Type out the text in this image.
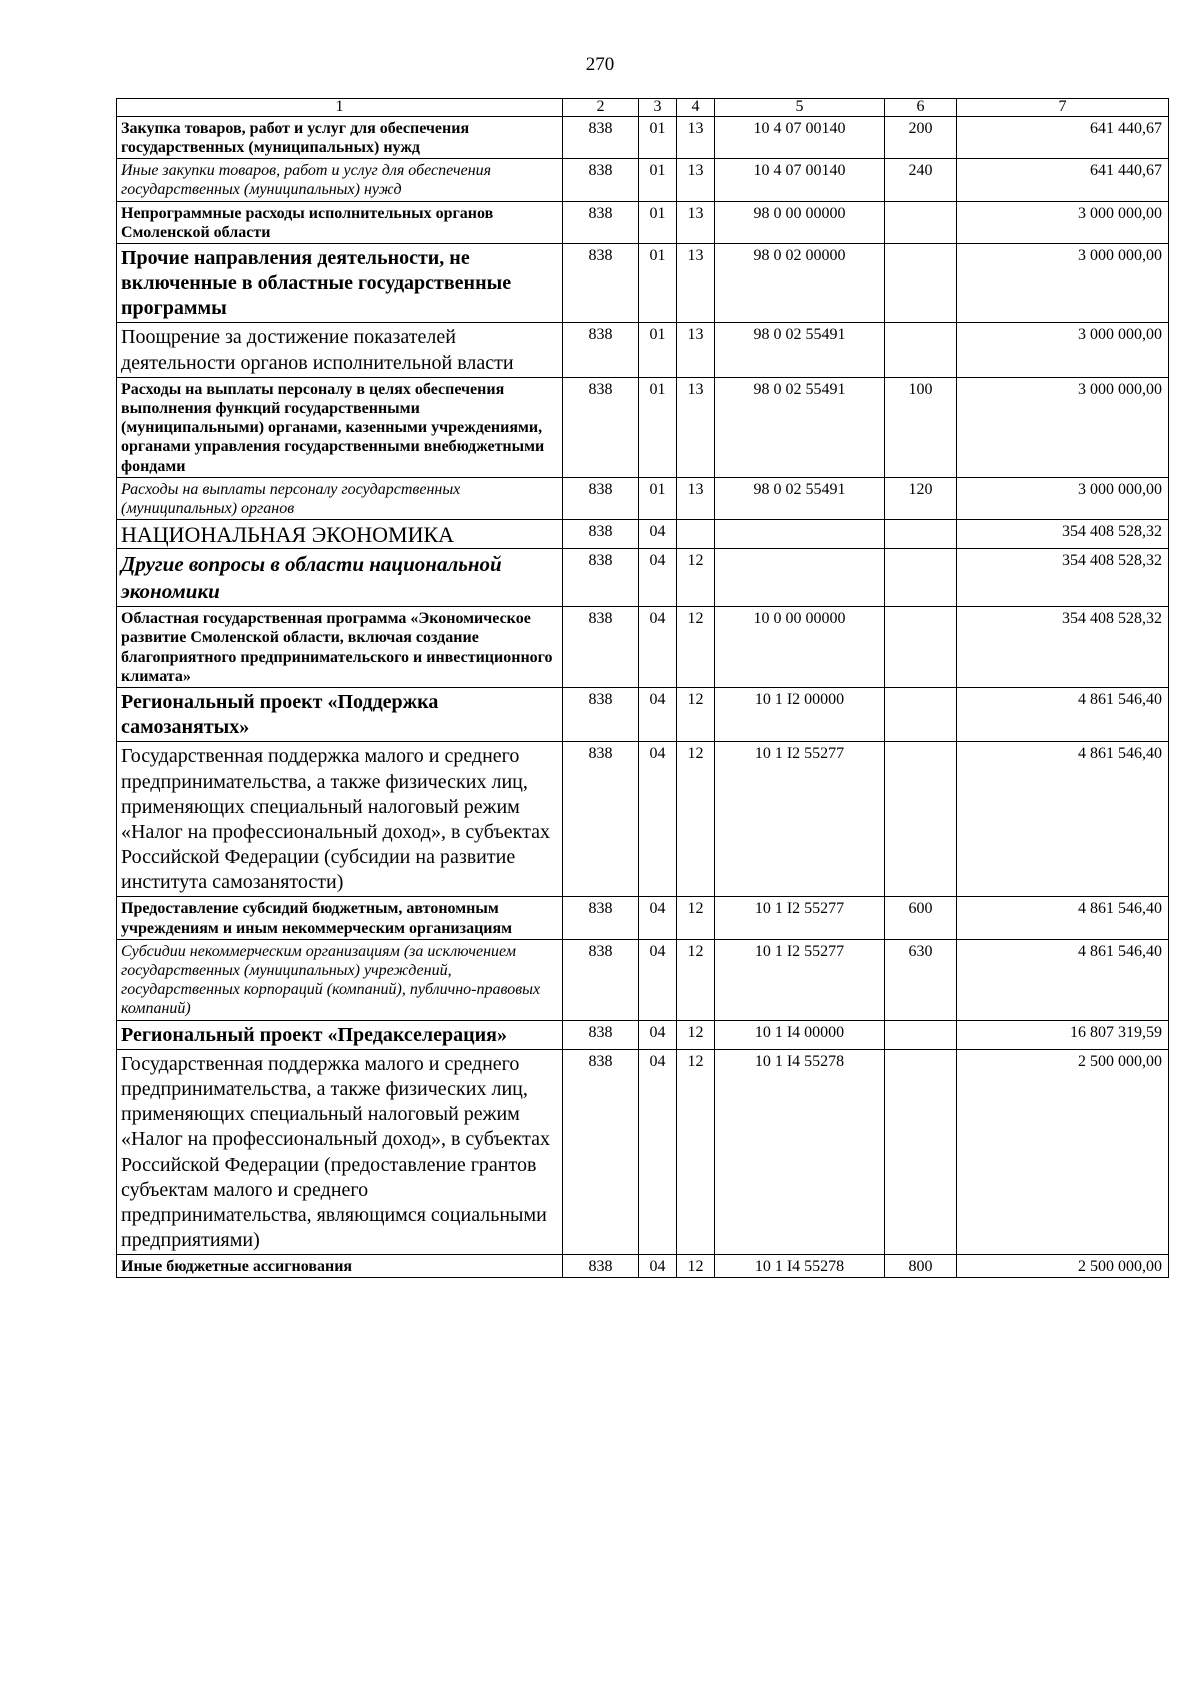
270
1	2	3	4	5	6	7
Закупка товаров, работ и услуг для обеспечения государственных (муниципальных) нужд	838	01	13	10 4 07 00140	200	641 440,67
Иные закупки товаров, работ и услуг для обеспечения государственных (муниципальных) нужд	838	01	13	10 4 07 00140	240	641 440,67
Непрограммные расходы исполнительных органов Смоленской области	838	01	13	98 0 00 00000		3 000 000,00
Прочие направления деятельности, не включенные в областные государственные программы	838	01	13	98 0 02 00000		3 000 000,00
Поощрение за достижение показателей деятельности органов исполнительной власти	838	01	13	98 0 02 55491		3 000 000,00
Расходы на выплаты персоналу в целях обеспечения выполнения функций государственными (муниципальными) органами, казенными учреждениями, органами управления государственными внебюджетными фондами	838	01	13	98 0 02 55491	100	3 000 000,00
Расходы на выплаты персоналу государственных (муниципальных) органов	838	01	13	98 0 02 55491	120	3 000 000,00
НАЦИОНАЛЬНАЯ ЭКОНОМИКА	838	04				354 408 528,32
Другие вопросы в области национальной экономики	838	04	12			354 408 528,32
Областная государственная программа «Экономическое развитие Смоленской области, включая создание благоприятного предпринимательского и инвестиционного климата»	838	04	12	10 0 00 00000		354 408 528,32
Региональный проект «Поддержка самозанятых»	838	04	12	10 1 I2 00000		4 861 546,40
Государственная поддержка малого и среднего предпринимательства, а также физических лиц, применяющих специальный налоговый режим «Налог на профессиональный доход», в субъектах Российской Федерации (субсидии на развитие института самозанятости)	838	04	12	10 1 I2 55277		4 861 546,40
Предоставление субсидий бюджетным, автономным учреждениям и иным некоммерческим организациям	838	04	12	10 1 I2 55277	600	4 861 546,40
Субсидии некоммерческим организациям (за исключением государственных (муниципальных) учреждений, государственных корпораций (компаний), публично-правовых компаний)	838	04	12	10 1 I2 55277	630	4 861 546,40
Региональный проект «Предакселерация»	838	04	12	10 1 I4 00000		16 807 319,59
Государственная поддержка малого и среднего предпринимательства, а также физических лиц, применяющих специальный налоговый режим «Налог на профессиональный доход», в субъектах Российской Федерации (предоставление грантов субъектам малого и среднего предпринимательства, являющимся социальными предприятиями)	838	04	12	10 1 I4 55278		2 500 000,00
Иные бюджетные ассигнования	838	04	12	10 1 I4 55278	800	2 500 000,00
